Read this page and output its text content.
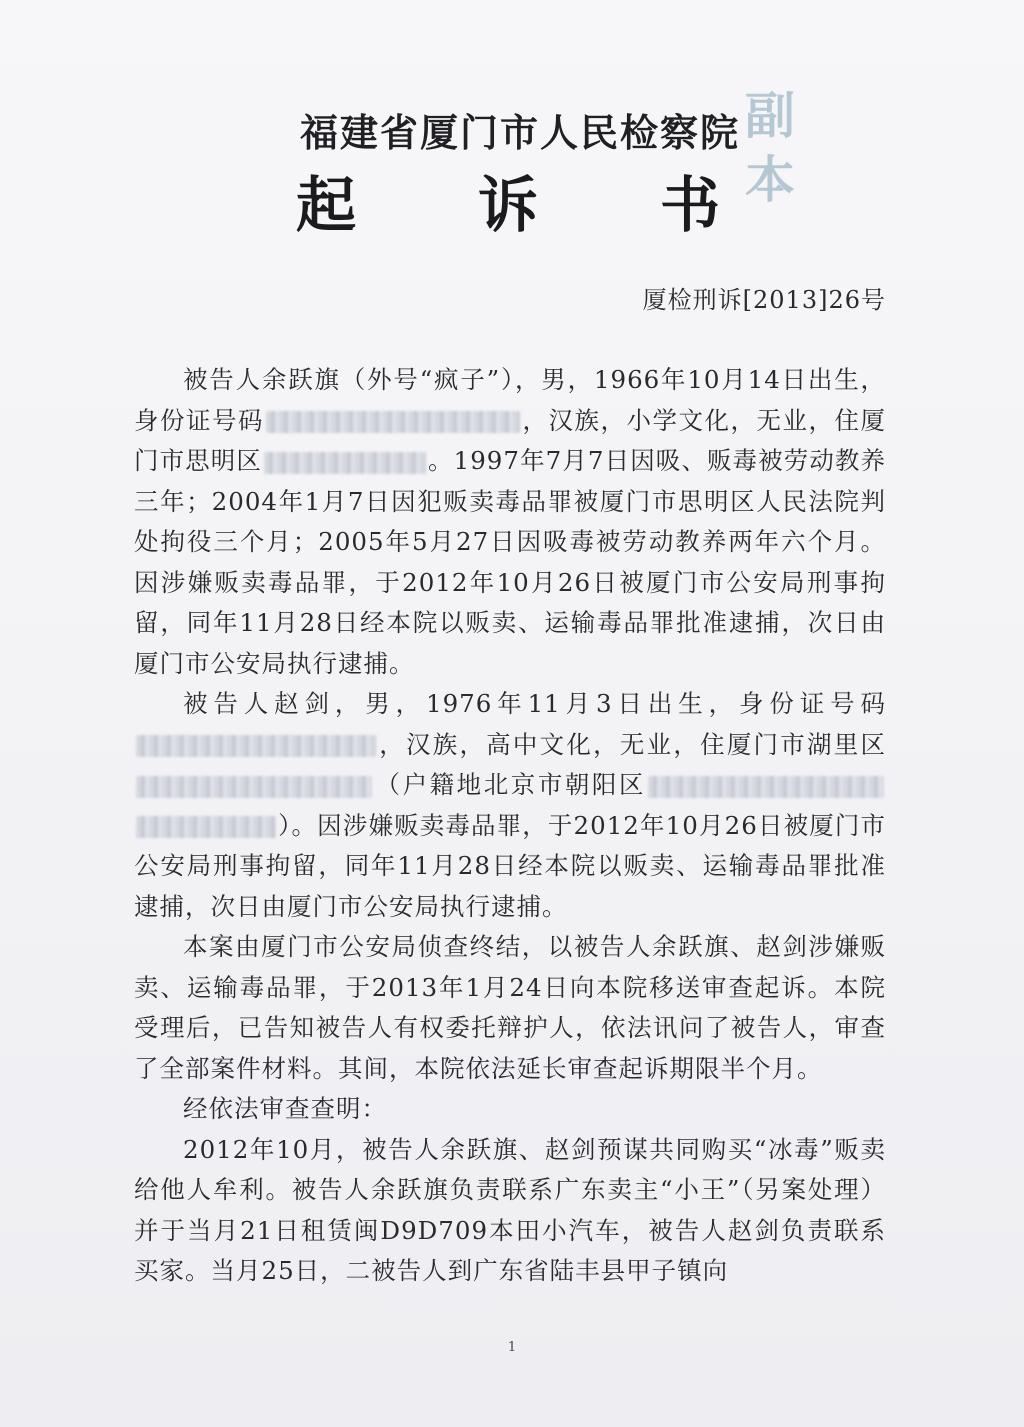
副
本
福建省厦门市人民检察院
起 诉 书
厦检刑诉[2013]26号

被告人余跃旗（外号“疯子”），男，1966年10月14日出生，身份证号码	，汉族，小学文化，无业，住厦门市思明区	。1997年7月7日因吸、贩毒被劳动教养三年；2004年1月7日因犯贩卖毒品罪被厦门市思明区人民法院判处拘役三个月；2005年5月27日因吸毒被劳动教养两年六个月。因涉嫌贩卖毒品罪，于2012年10月26日被厦门市公安局刑事拘留，同年11月28日经本院以贩卖、运输毒品罪批准逮捕，次日由厦门市公安局执行逮捕。

被告人赵剑，男，1976年11月3日出生，身份证号码，汉族，高中文化，无业，住厦门市湖里区（户籍地北京市朝阳区）。因涉嫌贩卖毒品罪，于2012年10月26日被厦门市公安局刑事拘留，同年11月28日经本院以贩卖、运输毒品罪批准逮捕，次日由厦门市公安局执行逮捕。

本案由厦门市公安局侦查终结，以被告人余跃旗、赵剑涉嫌贩卖、运输毒品罪，于2013年1月24日向本院移送审查起诉。本院受理后，已告知被告人有权委托辩护人，依法讯问了被告人，审查了全部案件材料。其间，本院依法延长审查起诉期限半个月。

经依法审查查明：

2012年10月，被告人余跃旗、赵剑预谋共同购买“冰毒”贩卖给他人牟利。被告人余跃旗负责联系广东卖主“小王”（另案处理）并于当月21日租赁闽D9D709本田小汽车，被告人赵剑负责联系买家。当月25日，二被告人到广东省陆丰县甲子镇向

1
